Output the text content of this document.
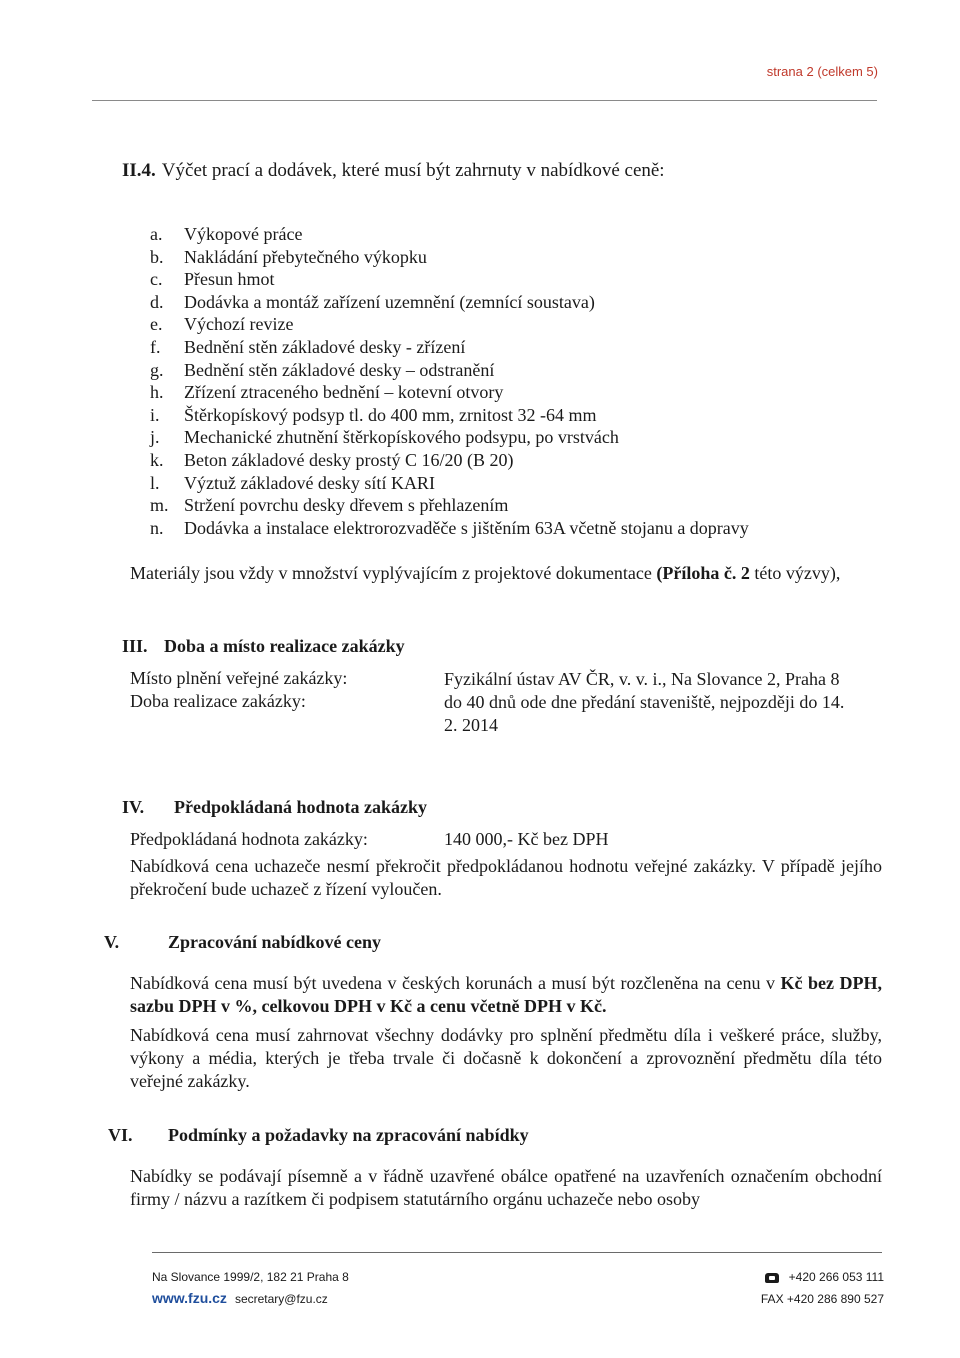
strana 2 (celkem 5)
II.4. Výčet prací a dodávek, které musí být zahrnuty v nabídkové ceně:
a. Výkopové práce
b. Nakládání přebytečného výkopku
c. Přesun hmot
d. Dodávka a montáž zařízení uzemnění (zemnící soustava)
e. Výchozí revize
f. Bednění stěn základové desky - zřízení
g. Bednění stěn základové desky – odstranění
h. Zřízení ztraceného bednění – kotevní otvory
i. Štěrkopískový podsyp tl. do 400 mm, zrnitost 32 -64 mm
j. Mechanické zhutnění štěrkopískového podsypu, po vrstvách
k. Beton základové desky prostý C 16/20 (B 20)
l. Výztuž základové desky sítí KARI
m. Stržení povrchu desky dřevem s přehlazením
n. Dodávka a instalace elektrorozvaděče s jištěním 63A včetně stojanu a dopravy
Materiály jsou vždy v množství vyplývajícím z projektové dokumentace (Příloha č. 2 této výzvy),
III. Doba a místo realizace zakázky
Místo plnění veřejné zakázky:	Fyzikální ústav AV ČR, v. v. i., Na Slovance 2, Praha 8
Doba realizace zakázky:	do 40 dnů ode dne předání staveniště, nejpozději do 14.
2. 2014
IV. Předpokládaná hodnota zakázky
Předpokládaná hodnota zakázky:	140 000,- Kč bez DPH
Nabídková cena uchazeče nesmí překročit předpokládanou hodnotu veřejné zakázky. V případě jejího překročení bude uchazeč z řízení vyloučen.
V.	Zpracování nabídkové ceny
Nabídková cena musí být uvedena v českých korunách a musí být rozčleněna na cenu v Kč bez DPH, sazbu DPH v %, celkovou DPH v Kč a cenu včetně DPH v Kč.
Nabídková cena musí zahrnovat všechny dodávky pro splnění předmětu díla i veškeré práce, služby, výkony a média, kterých je třeba trvale či dočasně k dokončení a zprovoznění předmětu díla této veřejné zakázky.
VI. Podmínky a požadavky na zpracování nabídky
Nabídky se podávají písemně a v řádně uzavřené obálce opatřené na uzavřeních označením obchodní firmy / názvu a razítkem či podpisem statutárního orgánu uchazeče nebo osoby
Na Slovance 1999/2, 182 21 Praha 8
www.fzu.cz secretary@fzu.cz
+420 266 053 111
FAX +420 286 890 527
